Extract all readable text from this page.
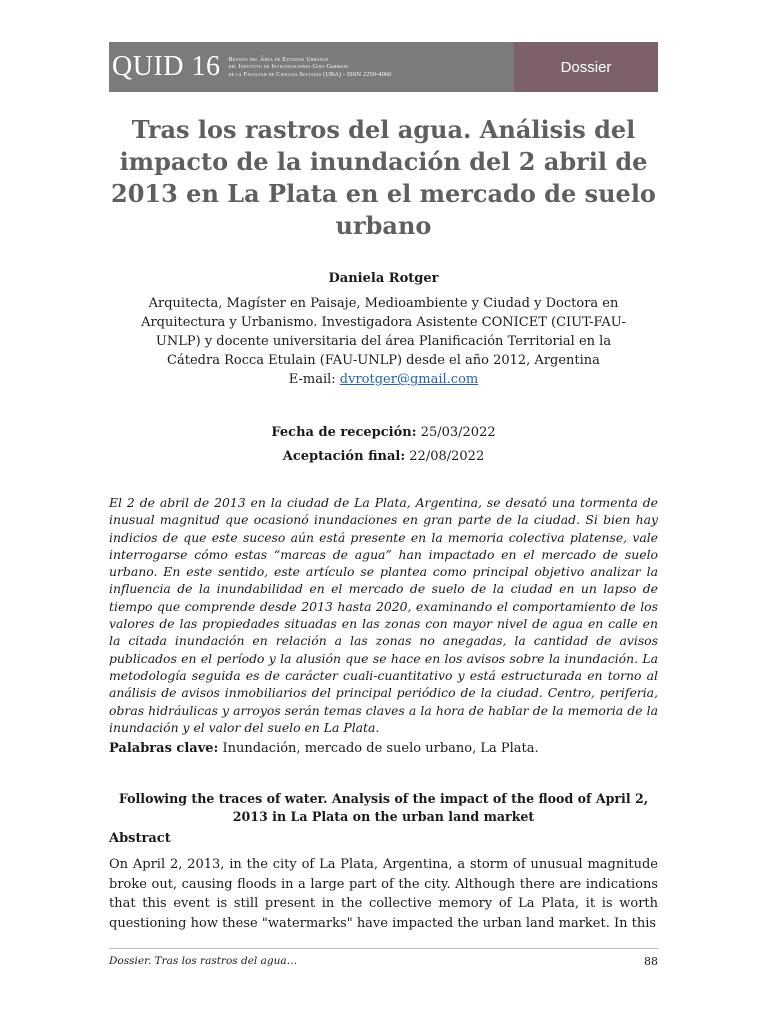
QUID 16 Revista del Área de Estudios Urbanos
del Instituto de Investigaciones Gino Germani
de la Facultad de Ciencias Sociales (UBA) - ISSN 2250-4060	Dossier
Tras los rastros del agua. Análisis del impacto de la inundación del 2 abril de 2013 en La Plata en el mercado de suelo urbano

Daniela Rotger

Arquitecta, Magíster en Paisaje, Medioambiente y Ciudad y Doctora en Arquitectura y Urbanismo. Investigadora Asistente CONICET (CIUT-FAU-UNLP) y docente universitaria del área Planificación Territorial en la Cátedra Rocca Etulain (FAU-UNLP) desde el año 2012, Argentina

E-mail: dvrotger@gmail.com

Fecha de recepción: 25/03/2022
Aceptación final: 22/08/2022

El 2 de abril de 2013 en la ciudad de La Plata, Argentina, se desató una tormenta de inusual magnitud que ocasionó inundaciones en gran parte de la ciudad. Si bien hay indicios de que este suceso aún está presente en la memoria colectiva platense, vale interrogarse cómo estas “marcas de agua” han impactado en el mercado de suelo urbano. En este sentido, este artículo se plantea como principal objetivo analizar la influencia de la inundabilidad en el mercado de suelo de la ciudad en un lapso de tiempo que comprende desde 2013 hasta 2020, examinando el comportamiento de los valores de las propiedades situadas en las zonas con mayor nivel de agua en calle en la citada inundación en relación a las zonas no anegadas, la cantidad de avisos publicados en el período y la alusión que se hace en los avisos sobre la inundación. La metodología seguida es de carácter cuali-cuantitativo y está estructurada en torno al análisis de avisos inmobiliarios del principal periódico de la ciudad. Centro, periferia, obras hidráulicas y arroyos serán temas claves a la hora de hablar de la memoria de la inundación y el valor del suelo en La Plata.

Palabras clave: Inundación, mercado de suelo urbano, La Plata.

Following the traces of water. Analysis of the impact of the flood of April 2, 2013 in La Plata on the urban land market

Abstract

On April 2, 2013, in the city of La Plata, Argentina, a storm of unusual magnitude broke out, causing floods in a large part of the city. Although there are indications that this event is still present in the collective memory of La Plata, it is worth questioning how these "watermarks" have impacted the urban land market. In this

Dossier. Tras los rastros del agua…	88
